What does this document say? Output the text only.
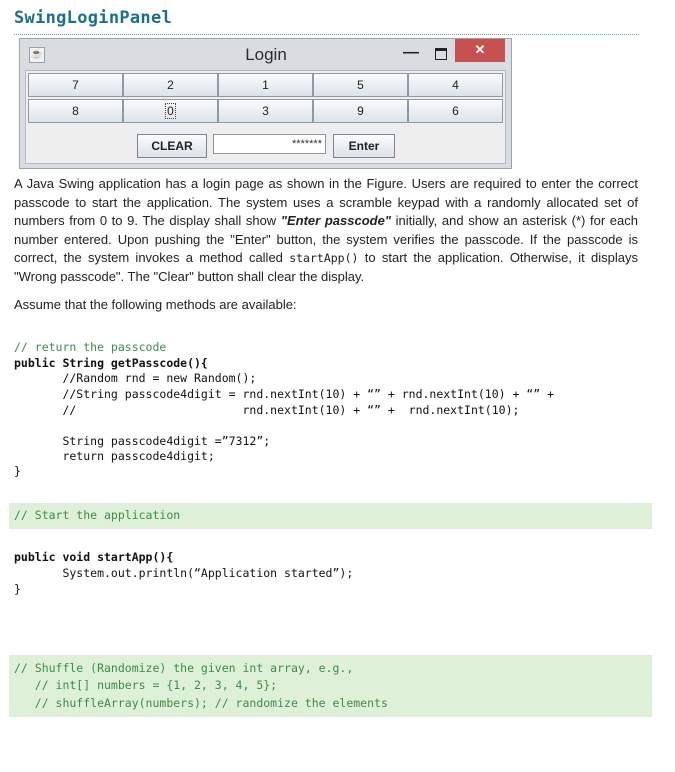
SwingLoginPanel
☕	Login	—	✕
7	2	1	5	4
8	0	3	9	6
CLEAR	*******	Enter
A Java Swing application has a login page as shown in the Figure. Users are required to enter the correct passcode to start the application. The system uses a scramble keypad with a randomly allocated set of numbers from 0 to 9. The display shall show "Enter passcode" initially, and show an asterisk (*) for each number entered. Upon pushing the "Enter" button, the system verifies the passcode. If the passcode is correct, the system invokes a method called startApp() to start the application. Otherwise, it displays "Wrong passcode". The "Clear" button shall clear the display.
Assume that the following methods are available:
// return the passcode
public String getPasscode(){
//Random rnd = new Random();
//String passcode4digit = rnd.nextInt(10) + “” + rnd.nextInt(10) + “” +
//                        rnd.nextInt(10) + “” +  rnd.nextInt(10);
String passcode4digit =”7312”;
return passcode4digit;
}
// Start the application
public void startApp(){
System.out.println(“Application started”);
}
// Shuffle (Randomize) the given int array, e.g.,
// int[] numbers = {1, 2, 3, 4, 5};
// shuffleArray(numbers); // randomize the elements
